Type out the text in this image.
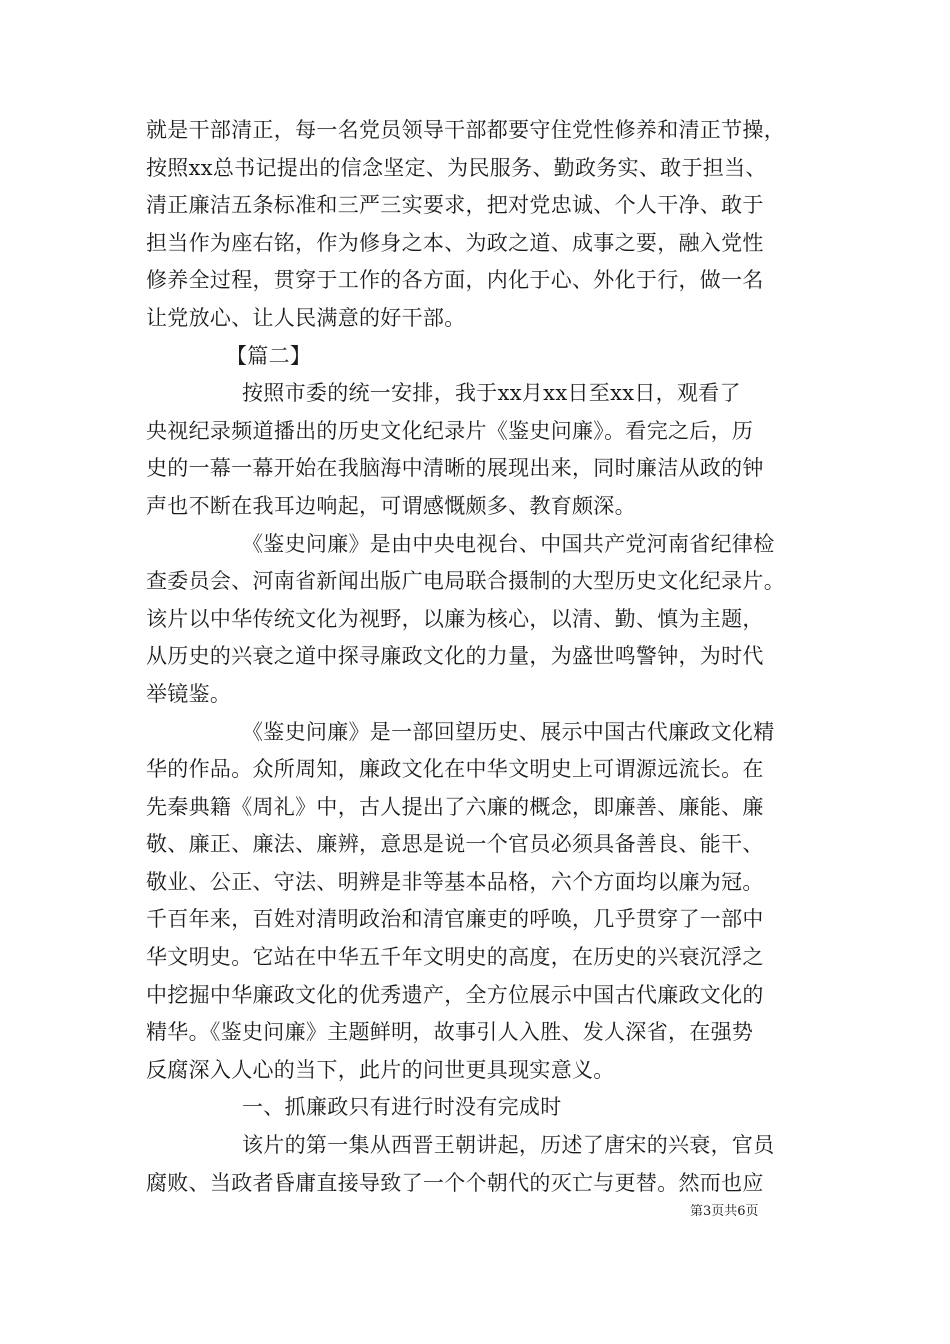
就是干部清正，每一名党员领导干部都要守住党性修养和清正节操，
按照xx总书记提出的信念坚定、为民服务、勤政务实、敢于担当、
清正廉洁五条标准和三严三实要求，把对党忠诚、个人干净、敢于
担当作为座右铭，作为修身之本、为政之道、成事之要，融入党性
修养全过程，贯穿于工作的各方面，内化于心、外化于行，做一名
让党放心、让人民满意的好干部。
【篇二】
按照市委的统一安排，我于xx月xx日至xx日，观看了
央视纪录频道播出的历史文化纪录片《鉴史问廉》。看完之后，历
史的一幕一幕开始在我脑海中清晰的展现出来，同时廉洁从政的钟
声也不断在我耳边响起，可谓感慨颇多、教育颇深。
《鉴史问廉》是由中央电视台、中国共产党河南省纪律检
查委员会、河南省新闻出版广电局联合摄制的大型历史文化纪录片。
该片以中华传统文化为视野，以廉为核心，以清、勤、慎为主题，
从历史的兴衰之道中探寻廉政文化的力量，为盛世鸣警钟，为时代
举镜鉴。
《鉴史问廉》是一部回望历史、展示中国古代廉政文化精
华的作品。众所周知，廉政文化在中华文明史上可谓源远流长。在
先秦典籍《周礼》中，古人提出了六廉的概念，即廉善、廉能、廉
敬、廉正、廉法、廉辨，意思是说一个官员必须具备善良、能干、
敬业、公正、守法、明辨是非等基本品格，六个方面均以廉为冠。
千百年来，百姓对清明政治和清官廉吏的呼唤，几乎贯穿了一部中
华文明史。它站在中华五千年文明史的高度，在历史的兴衰沉浮之
中挖掘中华廉政文化的优秀遗产，全方位展示中国古代廉政文化的
精华。《鉴史问廉》主题鲜明，故事引人入胜、发人深省，在强势
反腐深入人心的当下，此片的问世更具现实意义。
一、抓廉政只有进行时没有完成时
该片的第一集从西晋王朝讲起，历述了唐宋的兴衰，官员
腐败、当政者昏庸直接导致了一个个朝代的灭亡与更替。然而也应
第3页共6页
